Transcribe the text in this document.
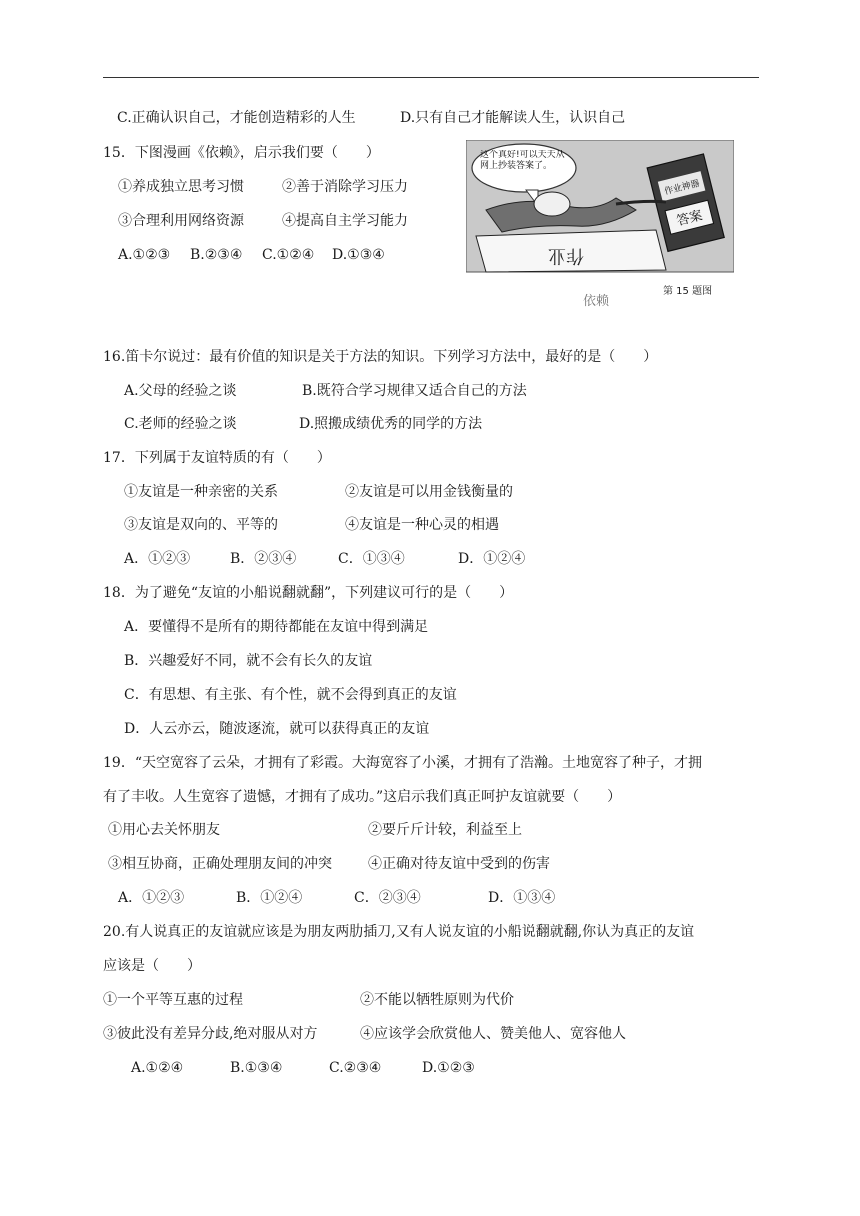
C.正确认识自己，才能创造精彩的人生	D.只有自己才能解读人生，认识自己
15．下图漫画《依赖》，启示我们要（　　）
①养成独立思考习惯	②善于消除学习压力
③合理利用网络资源	④提高自主学习能力
A.①②③ B.②③④ C.①②④ D.①③④
这个真好!可以天天从网上抄装答案了。
作业神器
答案
作业
依赖
第 15 题图
16.笛卡尔说过：最有价值的知识是关于方法的知识。下列学习方法中，最好的是（　　）
A.父母的经验之谈	B.既符合学习规律又适合自己的方法
C.老师的经验之谈	D.照搬成绩优秀的同学的方法
17．下列属于友谊特质的有（　　）
①友谊是一种亲密的关系	②友谊是可以用金钱衡量的
③友谊是双向的、平等的	④友谊是一种心灵的相遇
A．①②③	B．②③④	C．①③④	D．①②④
18．为了避免“友谊的小船说翻就翻”，下列建议可行的是（　　）
A．要懂得不是所有的期待都能在友谊中得到满足
B．兴趣爱好不同，就不会有长久的友谊
C．有思想、有主张、有个性，就不会得到真正的友谊
D．人云亦云，随波逐流，就可以获得真正的友谊
19．“天空宽容了云朵，才拥有了彩霞。大海宽容了小溪，才拥有了浩瀚。土地宽容了种子，才拥
有了丰收。人生宽容了遗憾，才拥有了成功。”这启示我们真正呵护友谊就要（　　）
①用心去关怀朋友	②要斤斤计较，利益至上
③相互协商，正确处理朋友间的冲突	④正确对待友谊中受到的伤害
A．①②③	B．①②④	C．②③④	D．①③④
20.有人说真正的友谊就应该是为朋友两肋插刀,又有人说友谊的小船说翻就翻,你认为真正的友谊
应该是（　　）
①一个平等互惠的过程	②不能以牺牲原则为代价
③彼此没有差异分歧,绝对服从对方	④应该学会欣赏他人、赞美他人、宽容他人
A.①②④	B.①③④	C.②③④	D.①②③
